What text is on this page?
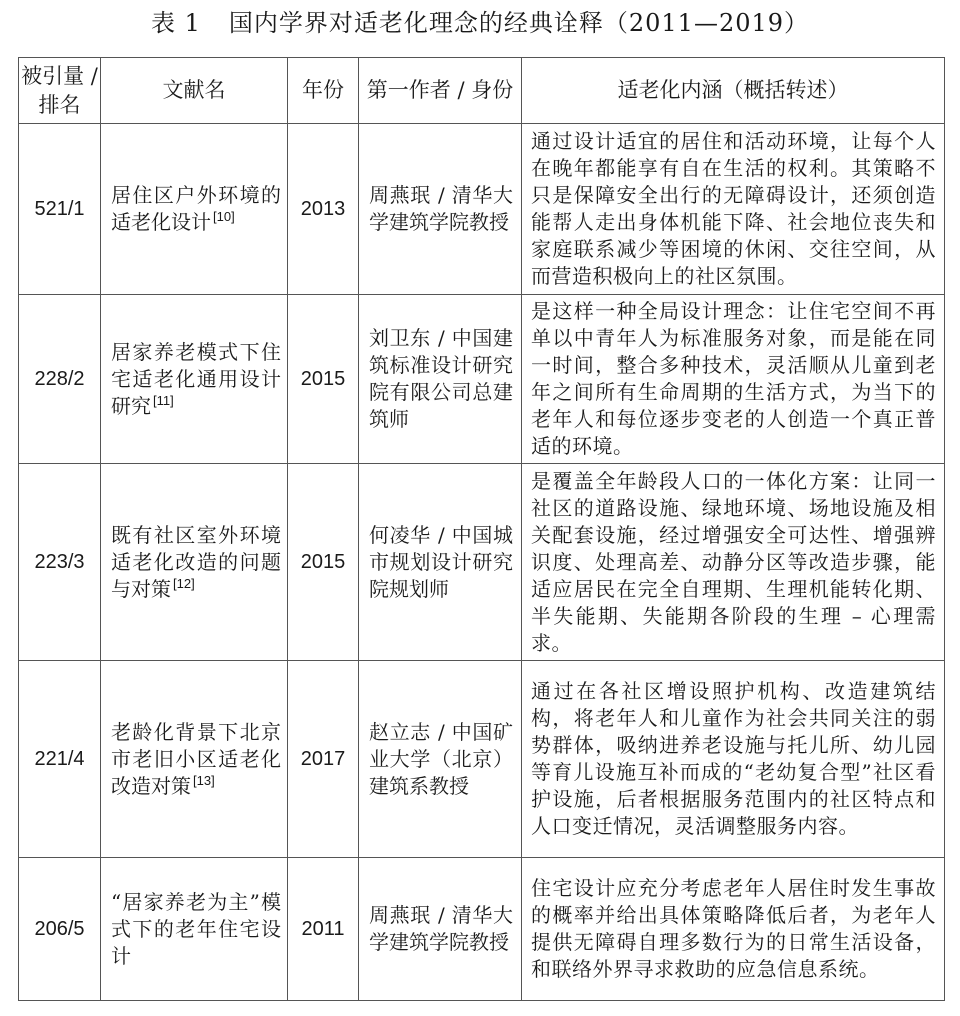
表 1 国内学界对适老化理念的经典诠释（2011—2019）
被引量 / 排名	文献名	年份	第一作者 / 身份	适老化内涵（概括转述）
521/1	居住区户外环境的适老化设计 [10]	2013	周燕珉 / 清华大学建筑学院教授	通过设计适宜的居住和活动环境，让每个人在晚年都能享有自在生活的权利。其策略不只是保障安全出行的无障碍设计，还须创造能帮人走出身体机能下降、社会地位丧失和家庭联系减少等困境的休闲、交往空间，从而营造积极向上的社区氛围。
228/2	居家养老模式下住宅适老化通用设计研究 [11]	2015	刘卫东 / 中国建筑标准设计研究院有限公司总建筑师	是这样一种全局设计理念：让住宅空间不再单以中青年人为标准服务对象，而是能在同一时间，整合多种技术，灵活顺从儿童到老年之间所有生命周期的生活方式，为当下的老年人和每位逐步变老的人创造一个真正普适的环境。
223/3	既有社区室外环境适老化改造的问题与对策 [12]	2015	何凌华 / 中国城市规划设计研究院规划师	是覆盖全年龄段人口的一体化方案：让同一社区的道路设施、绿地环境、场地设施及相关配套设施，经过增强安全可达性、增强辨识度、处理高差、动静分区等改造步骤，能适应居民在完全自理期、生理机能转化期、半失能期、失能期各阶段的生理 – 心理需求。
221/4	老龄化背景下北京市老旧小区适老化改造对策 [13]	2017	赵立志 / 中国矿业大学（北京）建筑系教授	通过在各社区增设照护机构、改造建筑结构，将老年人和儿童作为社会共同关注的弱势群体，吸纳进养老设施与托儿所、幼儿园等育儿设施互补而成的“老幼复合型”社区看护设施，后者根据服务范围内的社区特点和人口变迁情况，灵活调整服务内容。
206/5	“居家养老为主”模式下的老年住宅设计	2011	周燕珉 / 清华大学建筑学院教授	住宅设计应充分考虑老年人居住时发生事故的概率并给出具体策略降低后者，为老年人提供无障碍自理多数行为的日常生活设备，和联络外界寻求救助的应急信息系统。
